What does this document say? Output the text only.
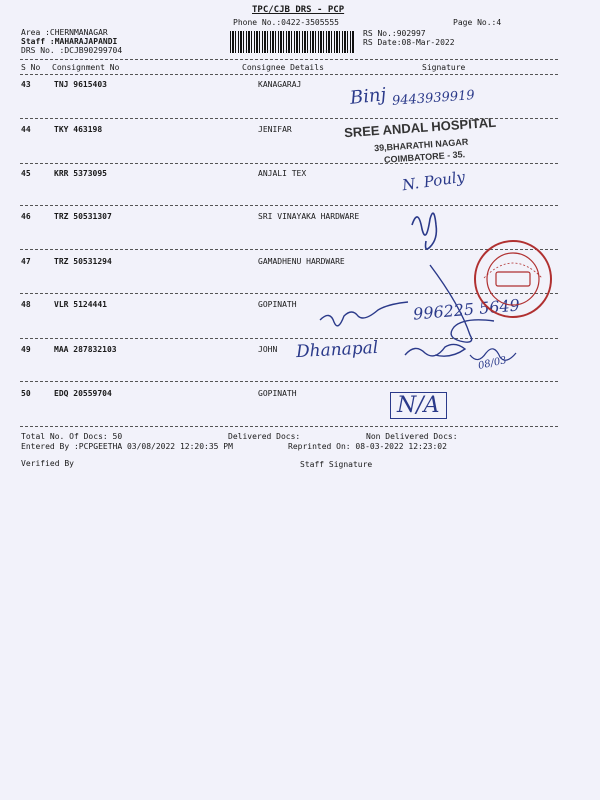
TPC/CJB DRS - PCP
Phone No.:0422-3505555	Page No.:4
Area :CHERNMANAGAR
Staff :MAHARAJAPANDI
DRS No. :DCJB90299704
RS No.:902997
RS Date:08-Mar-2022
S No Consignment No	Consignee Details	Signature
43	TNJ 9615403	KANAGARAJ
44	TKY 463198	JENIFAR
45	KRR 5373095	ANJALI TEX
46	TRZ 50531307	SRI VINAYAKA HARDWARE
47	TRZ 50531294	GAMADHENU HARDWARE
48	VLR 5124441	GOPINATH
49	MAA 287832103	JOHN
50	EDQ 20559704	GOPINATH
Total No. Of Docs: 50	Delivered Docs:	Non Delivered Docs:
Entered By :PCPGEETHA 03/08/2022 12:20:35 PM	Reprinted On: 08-03-2022 12:23:02
Verified By	Staff Signature
Binj 9443939919
N. Pouly
Dhanapal
996225 5649
N/A
08/03
SREE ANDAL HOSPITAL
39,BHARATHI NAGAR
COIMBATORE - 35.
